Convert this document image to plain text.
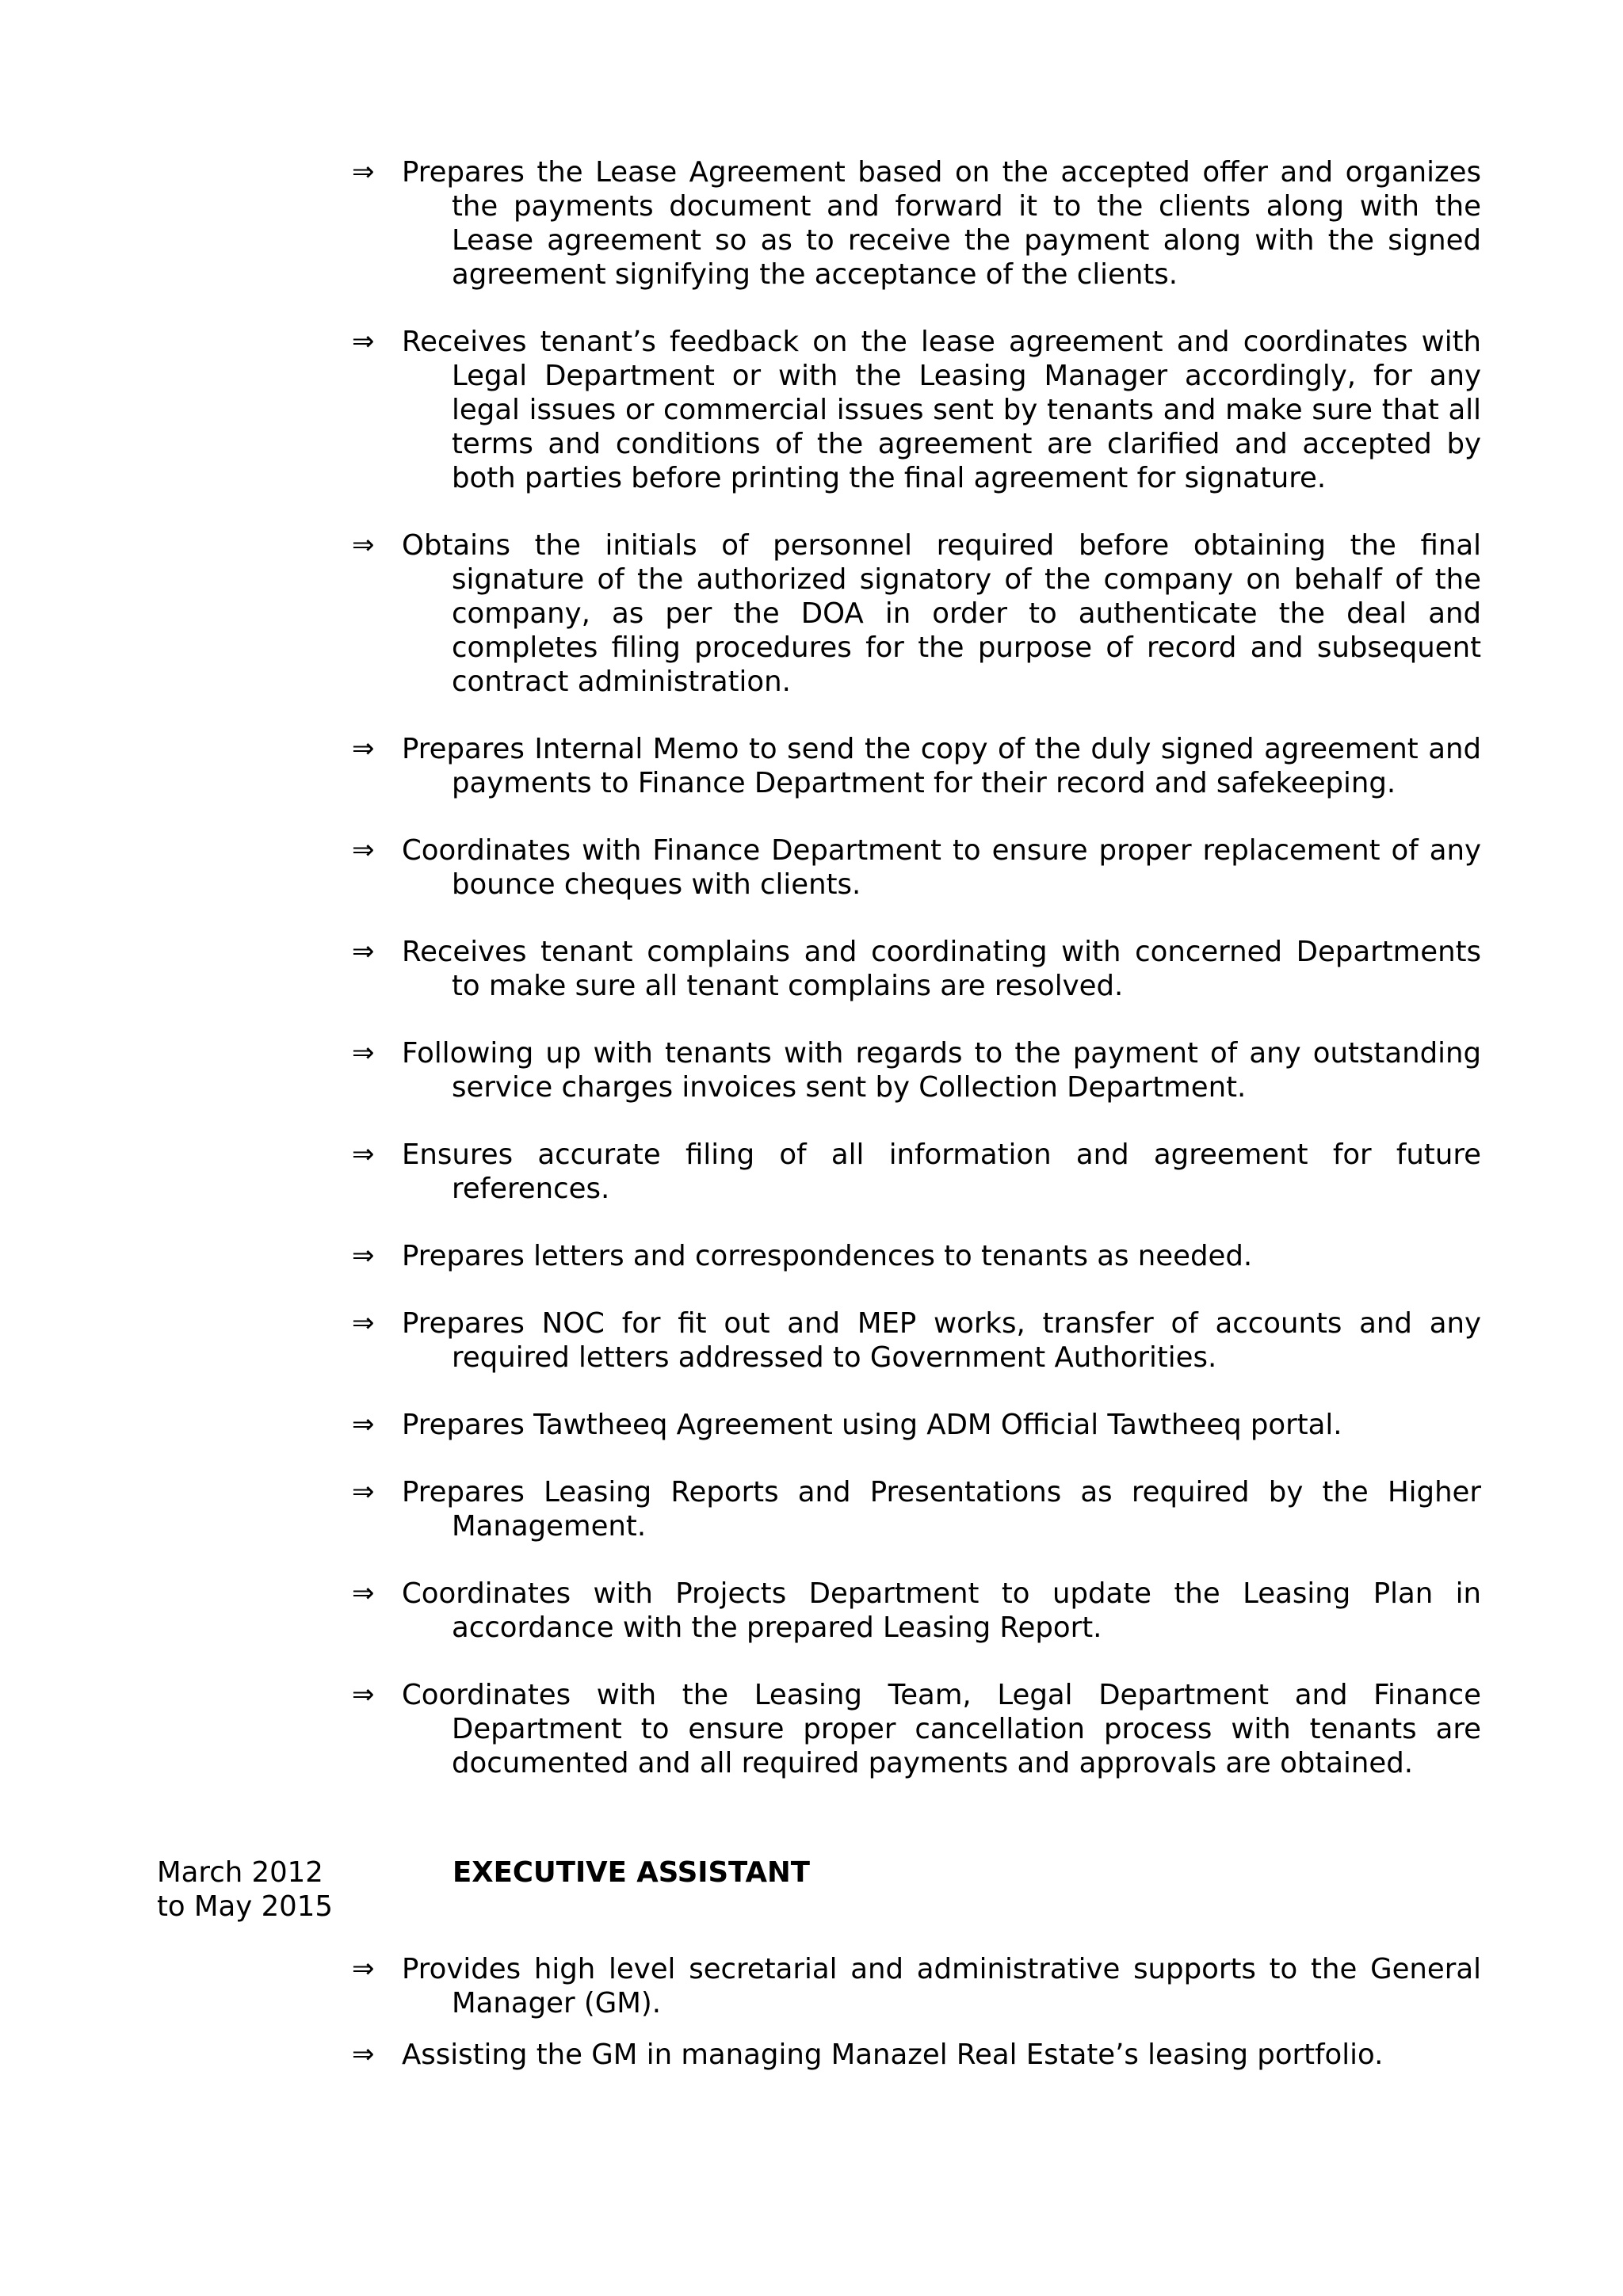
⇒ Prepares the Lease Agreement based on the accepted offer and organizes the payments document and forward it to the clients along with the Lease agreement so as to receive the payment along with the signed agreement signifying the acceptance of the clients.
⇒ Receives tenant’s feedback on the lease agreement and coordinates with Legal Department or with the Leasing Manager accordingly, for any legal issues or commercial issues sent by tenants and make sure that all terms and conditions of the agreement are clarified and accepted by both parties before printing the final agreement for signature.
⇒ Obtains the initials of personnel required before obtaining the final signature of the authorized signatory of the company on behalf of the company, as per the DOA in order to authenticate the deal and completes filing procedures for the purpose of record and subsequent contract administration.
⇒ Prepares Internal Memo to send the copy of the duly signed agreement and payments to Finance Department for their record and safekeeping.
⇒ Coordinates with Finance Department to ensure proper replacement of any bounce cheques with clients.
⇒ Receives tenant complains and coordinating with concerned Departments to make sure all tenant complains are resolved.
⇒ Following up with tenants with regards to the payment of any outstanding service charges invoices sent by Collection Department.
⇒ Ensures accurate filing of all information and agreement for future references.
⇒ Prepares letters and correspondences to tenants as needed.
⇒ Prepares NOC for fit out and MEP works, transfer of accounts and any required letters addressed to Government Authorities.
⇒ Prepares Tawtheeq Agreement using ADM Official Tawtheeq portal.
⇒ Prepares Leasing Reports and Presentations as required by the Higher Management.
⇒ Coordinates with Projects Department to update the Leasing Plan in accordance with the prepared Leasing Report.
⇒ Coordinates with the Leasing Team, Legal Department and Finance Department to ensure proper cancellation process with tenants are documented and all required payments and approvals are obtained.
March 2012
to May 2015
EXECUTIVE ASSISTANT
⇒ Provides high level secretarial and administrative supports to the General Manager (GM).
⇒ Assisting the GM in managing Manazel Real Estate’s leasing portfolio.
